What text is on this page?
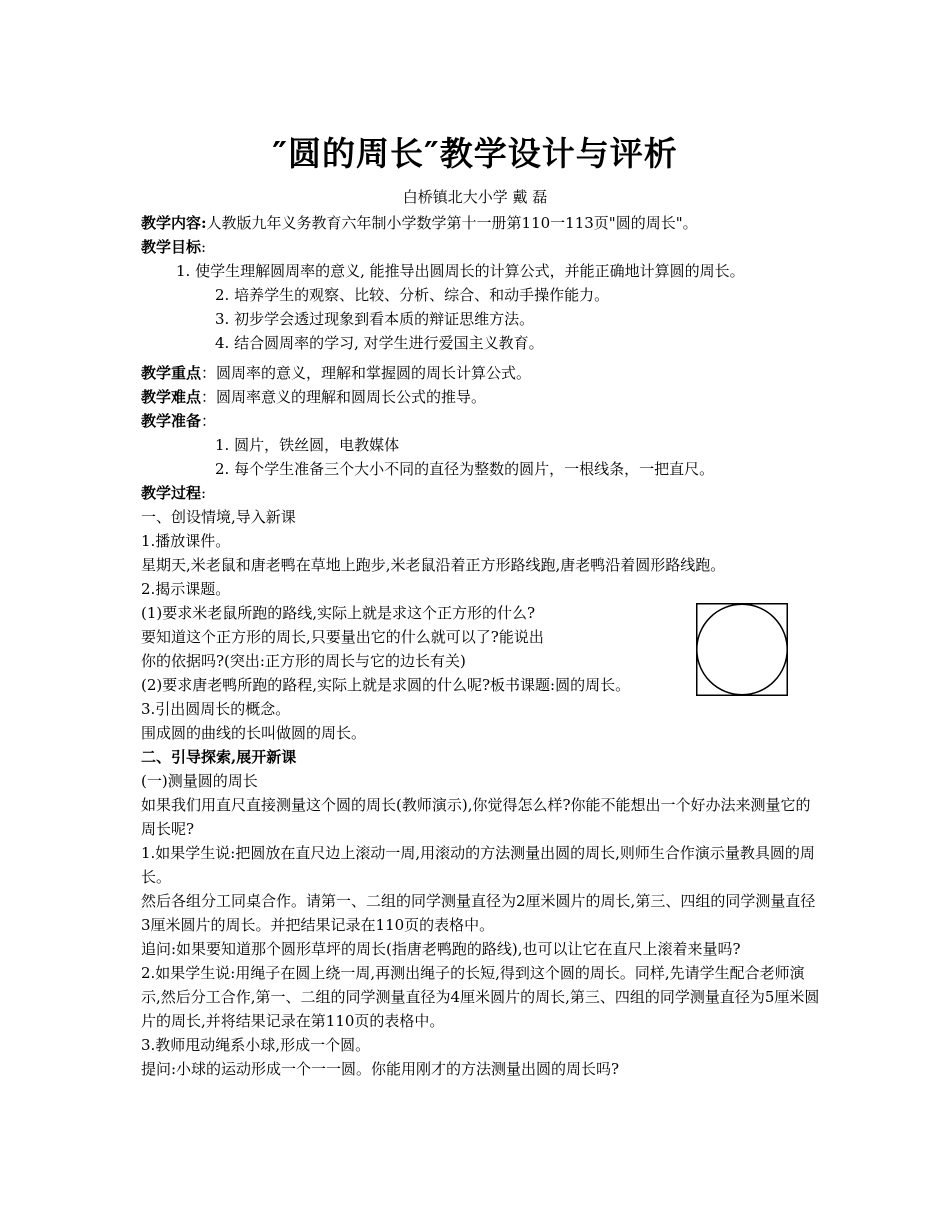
″圆的周长″教学设计与评析
白桥镇北大小学 戴 磊

教学内容:人教版九年义务教育六年制小学数学第十一册第110一113页"圆的周长"。

教学目标:

1. 使学生理解圆周率的意义, 能推导出圆周长的计算公式，并能正确地计算圆的周长。

2. 培养学生的观察、比较、分析、综合、和动手操作能力。

3. 初步学会透过现象到看本质的辩证思维方法。

4. 结合圆周率的学习, 对学生进行爱国主义教育。

教学重点：圆周率的意义，理解和掌握圆的周长计算公式。

教学难点：圆周率意义的理解和圆周长公式的推导。

教学准备：

1. 圆片，铁丝圆，电教媒体

2. 每个学生准备三个大小不同的直径为整数的圆片，一根线条，一把直尺。

教学过程:

一、创设情境,导入新课

1.播放课件。

星期天,米老鼠和唐老鸭在草地上跑步,米老鼠沿着正方形路线跑,唐老鸭沿着圆形路线跑。

2.揭示课题。

(1)要求米老鼠所跑的路线,实际上就是求这个正方形的什么?

要知道这个正方形的周长,只要量出它的什么就可以了?能说出

你的依据吗?(突出:正方形的周长与它的边长有关)

(2)要求唐老鸭所跑的路程,实际上就是求圆的什么呢?板书课题:圆的周长。

3.引出圆周长的概念。

围成圆的曲线的长叫做圆的周长。

二、引导探索,展开新课

(一)测量圆的周长

如果我们用直尺直接测量这个圆的周长(教师演示),你觉得怎么样?你能不能想出一个好办法来测量它的周长呢?

1.如果学生说:把圆放在直尺边上滚动一周,用滚动的方法测量出圆的周长,则师生合作演示量教具圆的周长。

然后各组分工同桌合作。请第一、二组的同学测量直径为2厘米圆片的周长,第三、四组的同学测量直径3厘米圆片的周长。并把结果记录在110页的表格中。

追问:如果要知道那个圆形草坪的周长(指唐老鸭跑的路线),也可以让它在直尺上滚着来量吗?

2.如果学生说:用绳子在圆上绕一周,再测出绳子的长短,得到这个圆的周长。同样,先请学生配合老师演示,然后分工合作,第一、二组的同学测量直径为4厘米圆片的周长,第三、四组的同学测量直径为5厘米圆片的周长,并将结果记录在第110页的表格中。

3.教师甩动绳系小球,形成一个圆。

提问:小球的运动形成一个一一圆。你能用刚才的方法测量出圆的周长吗?
